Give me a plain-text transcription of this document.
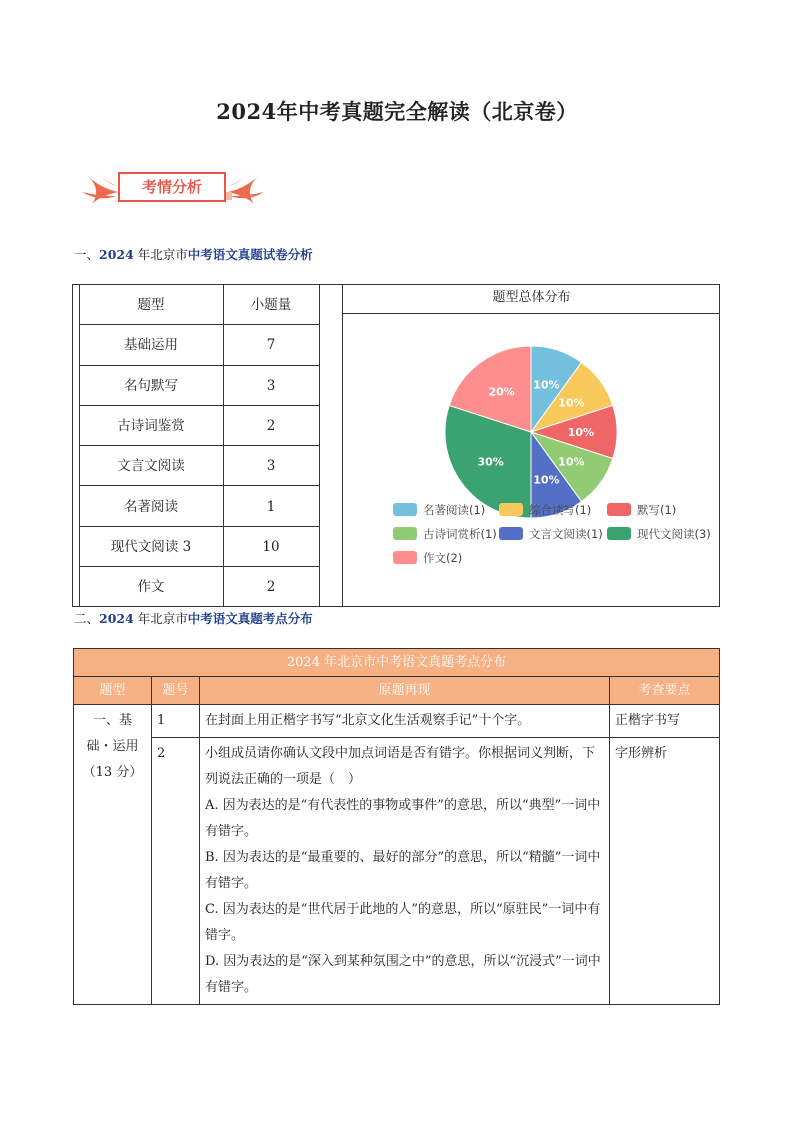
2024年中考真题完全解读（北京卷）
考情分析
一、2024 年北京市中考语文真题试卷分析
题型	小题量
基础运用	7
名句默写	3
古诗词鉴赏	2
文言文阅读	3
名著阅读	1
现代文阅读 3	10
作文	2
题型总体分布
10%
10%
10%
10%
10%
30%
20%
名著阅读(1)	综合读写(1)	默写(1)
古诗词赏析(1)	文言文阅读(1)	现代文阅读(3)
作文(2)
二、2024 年北京市中考语文真题考点分布
2024 年北京市中考语文真题考点分布			
题型	题号	原题再现	考查要点

一、基
础・运用
（13 分）	1	在封面上用正楷字书写“北京文化生活观察手记”十个字。	正楷字书写
	2	小组成员请你确认文段中加点词语是否有错字。你根据词义判断，下列说法正确的一项是（　）
A. 因为表达的是“有代表性的事物或事件”的意思，所以“典型”一词中有错字。
B. 因为表达的是“最重要的、最好的部分”的意思，所以“精髓”一词中有错字。
C. 因为表达的是“世代居于此地的人”的意思，所以“原驻民”一词中有错字。
D. 因为表达的是“深入到某种氛围之中”的意思，所以“沉浸式”一词中有错字。	字形辨析
